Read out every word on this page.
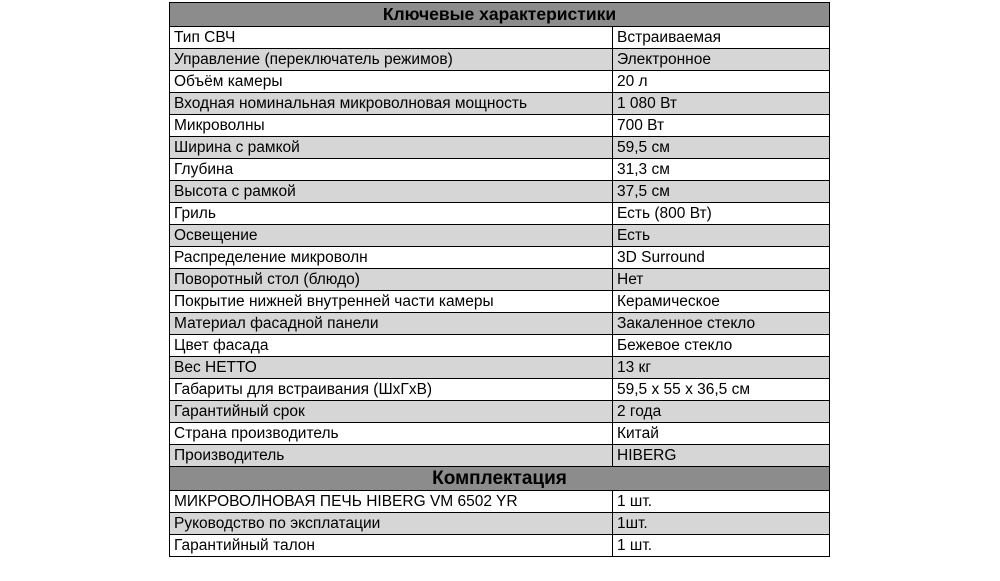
Ключевые характеристики	
Тип СВЧ	Встраиваемая
Управление (переключатель режимов)	Электронное
Объём камеры	20 л
Входная номинальная микроволновая мощность	1 080 Вт
Микроволны	700 Вт
Ширина с рамкой	59,5 см
Глубина	31,3 см
Высота с рамкой	37,5 см
Гриль	Есть (800 Вт)
Освещение	Есть
Распределение микроволн	3D Surround
Поворотный стол (блюдо)	Нет
Покрытие нижней внутренней части камеры	Керамическое
Материал фасадной панели	Закаленное стекло
Цвет фасада	Бежевое стекло
Вес НЕТТО	13 кг
Габариты для встраивания (ШхГхВ)	59,5 х 55 х 36,5 см
Гарантийный срок	2 года
Страна производитель	Китай
Производитель	HIBERG
Комплектация	
МИКРОВОЛНОВАЯ ПЕЧЬ HIBERG VM 6502 YR	1 шт.
Руководство по эксплатации	1шт.
Гарантийный талон	1 шт.
